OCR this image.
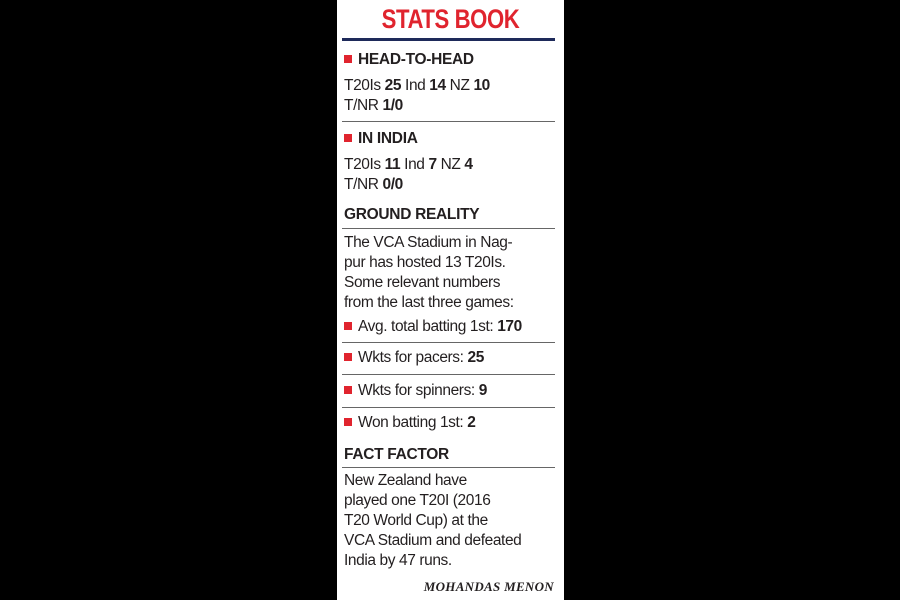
STATS BOOK
HEAD-TO-HEAD
T20Is 25 Ind 14 NZ 10
T/NR 1/0
IN INDIA
T20Is 11 Ind 7 NZ 4
T/NR 0/0
GROUND REALITY
The VCA Stadium in Nag-
pur has hosted 13 T20Is.
Some relevant numbers
from the last three games:
Avg. total batting 1st: 170
Wkts for pacers: 25
Wkts for spinners: 9
Won batting 1st: 2
FACT FACTOR
New Zealand have
played one T20I (2016
T20 World Cup) at the
VCA Stadium and defeated
India by 47 runs.
MOHANDAS MENON
